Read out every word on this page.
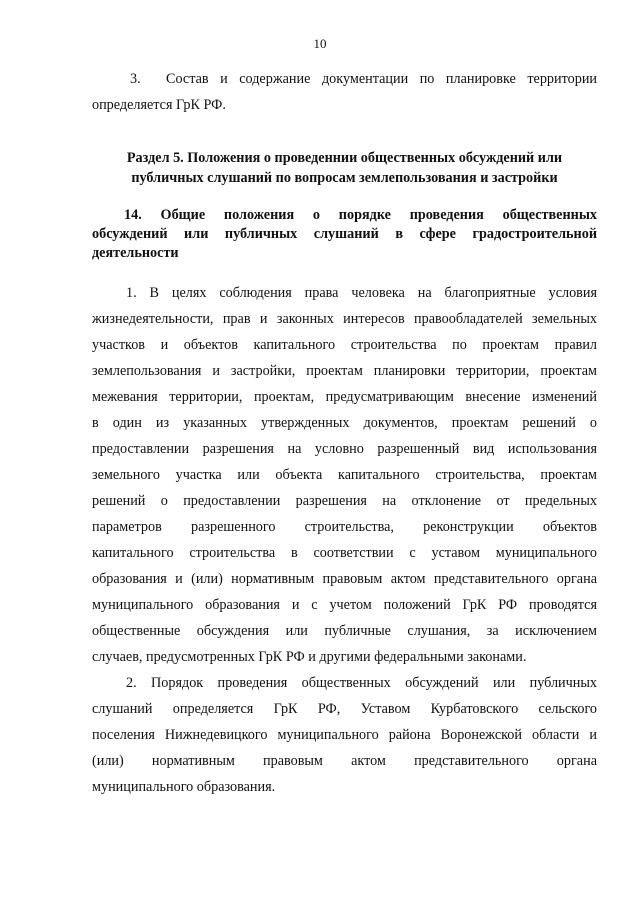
10
3. Состав и содержание документации по планировке территории
определяется ГрК РФ.
Раздел 5. Положения о проведеннии общественных обсуждений или
публичных слушаний по вопросам землепользования и застройки
14. Общие положения о порядке проведения общественных
обсуждений или публичных слушаний в сфере градостроительной
деятельности
1. В целях соблюдения права человека на благоприятные условия
жизнедеятельности, прав и законных интересов правообладателей земельных
участков и объектов капитального строительства по проектам правил
землепользования и застройки, проектам планировки территории, проектам
межевания территории, проектам, предусматривающим внесение изменений
в один из указанных утвержденных документов, проектам решений о
предоставлении разрешения на условно разрешенный вид использования
земельного участка или объекта капитального строительства, проектам
решений о предоставлении разрешения на отклонение от предельных
параметров разрешенного строительства, реконструкции объектов
капитального строительства в соответствии с уставом муниципального
образования и (или) нормативным правовым актом представительного органа
муниципального образования и с учетом положений ГрК РФ проводятся
общественные обсуждения или публичные слушания, за исключением
случаев, предусмотренных ГрК РФ и другими федеральными законами.
2. Порядок проведения общественных обсуждений или публичных
слушаний определяется ГрК РФ, Уставом Курбатовского сельского
поселения Нижнедевицкого муниципального района Воронежской области и
(или) нормативным правовым актом представительного органа
муниципального образования.
